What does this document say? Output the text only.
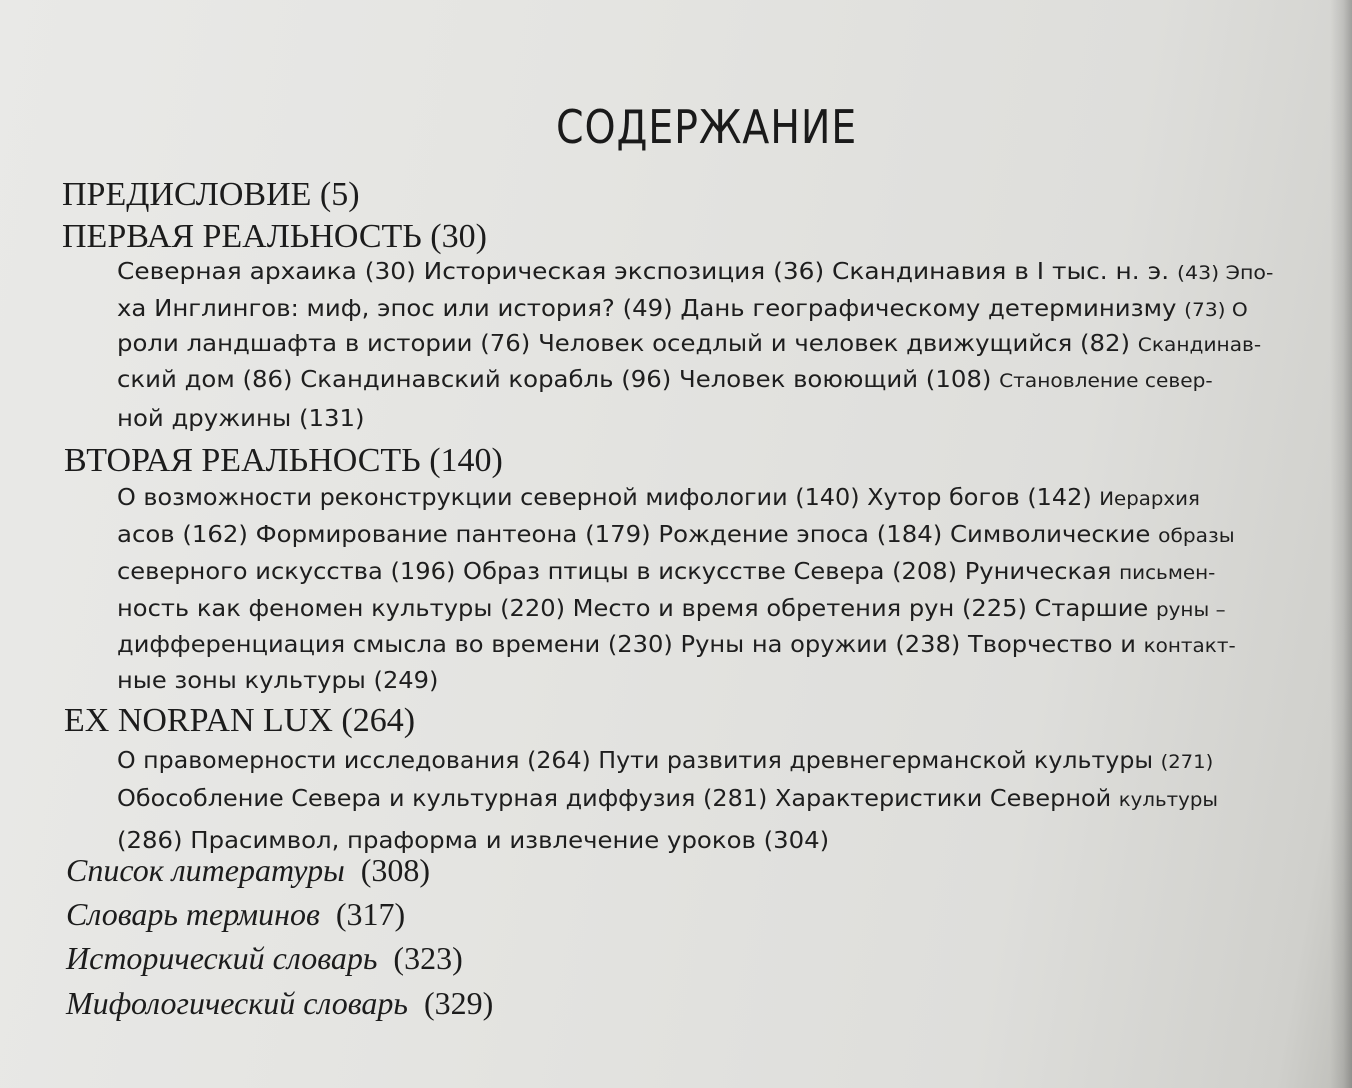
СОДЕРЖАНИЕ
ПРЕДИСЛОВИЕ (5)
ПЕРВАЯ РЕАЛЬНОСТЬ (30)
Северная архаика (30) Историческая экспозиция (36) Скандинавия в I тыс. н. э. (43) Эпо-
ха Инглингов: миф, эпос или история? (49) Дань географическому детерминизму (73) О
роли ландшафта в истории (76) Человек оседлый и человек движущийся (82) Скандинав-
ский дом (86) Скандинавский корабль (96) Человек воюющий (108) Становление север-
ной дружины (131)
ВТОРАЯ РЕАЛЬНОСТЬ (140)
О возможности реконструкции северной мифологии (140) Хутор богов (142) Иерархия
асов (162) Формирование пантеона (179) Рождение эпоса (184) Символические образы
северного искусства (196) Образ птицы в искусстве Севера (208) Руническая письмен-
ность как феномен культуры (220) Место и время обретения рун (225) Старшие руны –
дифференциация смысла во времени (230) Руны на оружии (238) Творчество и контакт-
ные зоны культуры (249)
EX NORPAN LUX (264)
О правомерности исследования (264) Пути развития древнегерманской культуры (271)
Обособление Севера и культурная диффузия (281) Характеристики Северной культуры
(286) Прасимвол, праформа и извлечение уроков (304)
Список литературы (308)
Словарь терминов (317)
Исторический словарь (323)
Мифологический словарь (329)
